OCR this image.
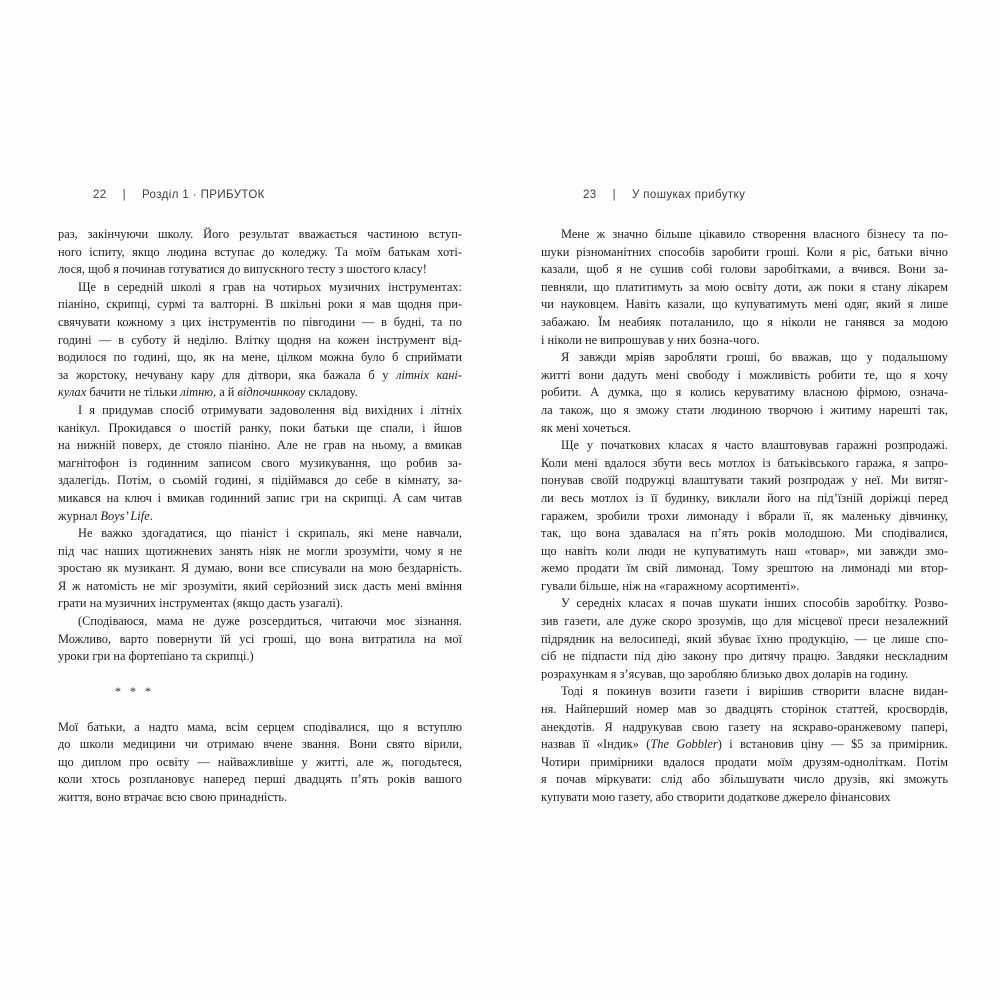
22 | Розділ 1 · ПРИБУТОК	23 | У пошуках прибутку
раз, закінчуючи школу. Його результат вважається частиною вступ-
ного іспиту, якщо людина вступає до коледжу. Та моїм батькам хоті-
лося, щоб я починав готуватися до випускного тесту з шостого класу!
Ще в середній школі я грав на чотирьох музичних інструментах:
піаніно, скрипці, сурмі та валторні. В шкільні роки я мав щодня при-
свячувати кожному з цих інструментів по півгодини — в будні, та по
годині — в суботу й неділю. Влітку щодня на кожен інструмент від-
водилося по годині, що, як на мене, цілком можна було б сприймати
за жорстоку, нечувану кару для дітвори, яка бажала б у літніх кані-
кулах бачити не тільки літню, а й відпочинкову складову.
І я придумав спосіб отримувати задоволення від вихідних і літніх
канікул. Прокидався о шостій ранку, поки батьки ще спали, і йшов
на нижній поверх, де стояло піаніно. Але не грав на ньому, а вмикав
магнітофон із годинним записом свого музикування, що робив за-
здалегідь. Потім, о сьомій годині, я підіймався до себе в кімнату, за-
микався на ключ і вмикав годинний запис гри на скрипці. А сам читав
журнал Boys’ Life.
Не важко здогадатися, що піаніст і скрипаль, які мене навчали,
під час наших щотижневих занять ніяк не могли зрозуміти, чому я не
зростаю як музикант. Я думаю, вони все списували на мою бездарність.
Я ж натомість не міг зрозуміти, який серйозний зиск дасть мені вміння
грати на музичних інструментах (якщо дасть узагалі).
(Сподіваюся, мама не дуже розсердиться, читаючи моє зізнання.
Можливо, варто повернути їй усі гроші, що вона витратила на мої
уроки гри на фортепіано та скрипці.)
* * *
Мої батьки, а надто мама, всім серцем сподівалися, що я вступлю
до школи медицини чи отримаю вчене звання. Вони свято вірили,
що диплом про освіту — найважливіше у житті, але ж, погодьтеся,
коли хтось розплановує наперед перші двадцять п’ять років вашого
життя, воно втрачає всю свою принадність.
Мене ж значно більше цікавило створення власного бізнесу та по-
шуки різноманітних способів заробити гроші. Коли я ріс, батьки вічно
казали, щоб я не сушив собі голови заробітками, а вчився. Вони за-
певняли, що платитимуть за мою освіту доти, аж поки я стану лікарем
чи науковцем. Навіть казали, що купуватимуть мені одяг, який я лише
забажаю. Їм неабияк поталанило, що я ніколи не ганявся за модою
і ніколи не випрошував у них бозна-чого.
Я завжди мріяв заробляти гроші, бо вважав, що у подальшому
житті вони дадуть мені свободу і можливість робити те, що я хочу
робити. А думка, що я колись керуватиму власною фірмою, означа-
ла також, що я зможу стати людиною творчою і житиму нарешті так,
як мені хочеться.
Ще у початкових класах я часто влаштовував гаражні розпродажі.
Коли мені вдалося збути весь мотлох із батьківського гаража, я запро-
понував своїй подружці влаштувати такий розпродаж у неї. Ми витяг-
ли весь мотлох із її будинку, виклали його на під’їзній доріжці перед
гаражем, зробили трохи лимонаду і вбрали її, як маленьку дівчинку,
так, що вона здавалася на п’ять років молодшою. Ми сподівалися,
що навіть коли люди не купуватимуть наш «товар», ми завжди змо-
жемо продати їм свій лимонад. Тому зрештою на лимонаді ми втор-
гували більше, ніж на «гаражному асортименті».
У середніх класах я почав шукати інших способів заробітку. Розво-
зив газети, але дуже скоро зрозумів, що для місцевої преси незалежний
підрядник на велосипеді, який збуває їхню продукцію, — це лише спо-
сіб не підпасти під дію закону про дитячу працю. Завдяки нескладним
розрахункам я з’ясував, що заробляю близько двох доларів на годину.
Тоді я покинув возити газети і вирішив створити власне видан-
ня. Найперший номер мав зо двадцять сторінок статтей, кросвордів,
анекдотів. Я надрукував свою газету на яскраво-оранжевому папері,
назвав її «Індик» (The Gobbler) і встановив ціну — $5 за примірник.
Чотири примірники вдалося продати моїм друзям-одноліткам. Потім
я почав міркувати: слід або збільшувати число друзів, які зможуть
купувати мою газету, або створити додаткове джерело фінансових
